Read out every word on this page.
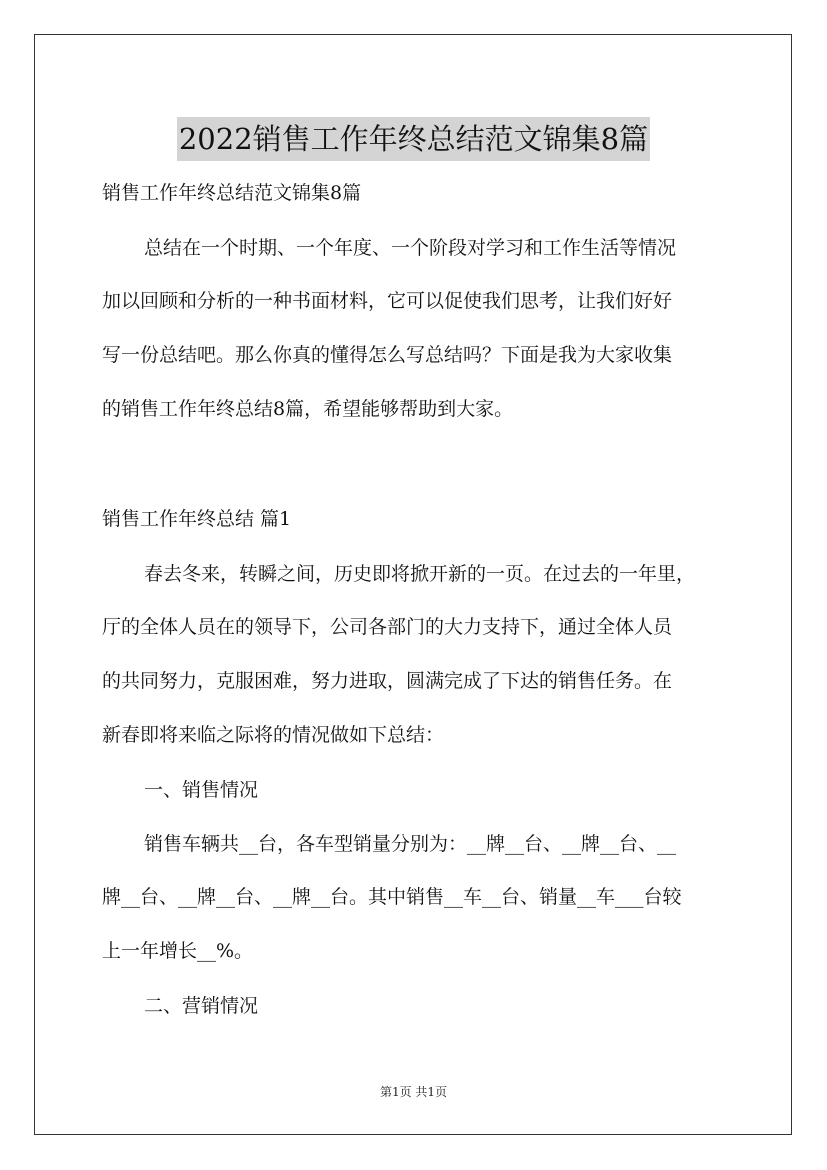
2022销售工作年终总结范文锦集8篇
销售工作年终总结范文锦集8篇
总结在一个时期、一个年度、一个阶段对学习和工作生活等情况
加以回顾和分析的一种书面材料，它可以促使我们思考，让我们好好
写一份总结吧。那么你真的懂得怎么写总结吗？下面是我为大家收集
的销售工作年终总结8篇，希望能够帮助到大家。
销售工作年终总结 篇1
春去冬来，转瞬之间，历史即将掀开新的一页。在过去的一年里，
厅的全体人员在的领导下，公司各部门的大力支持下，通过全体人员
的共同努力，克服困难，努力进取，圆满完成了下达的销售任务。在
新春即将来临之际将的情况做如下总结：
一、销售情况
销售车辆共__台，各车型销量分别为：__牌__台、__牌__台、__
牌__台、__牌__台、__牌__台。其中销售__车__台、销量__车___台较
上一年增长__%。
二、营销情况
第1页 共1页
